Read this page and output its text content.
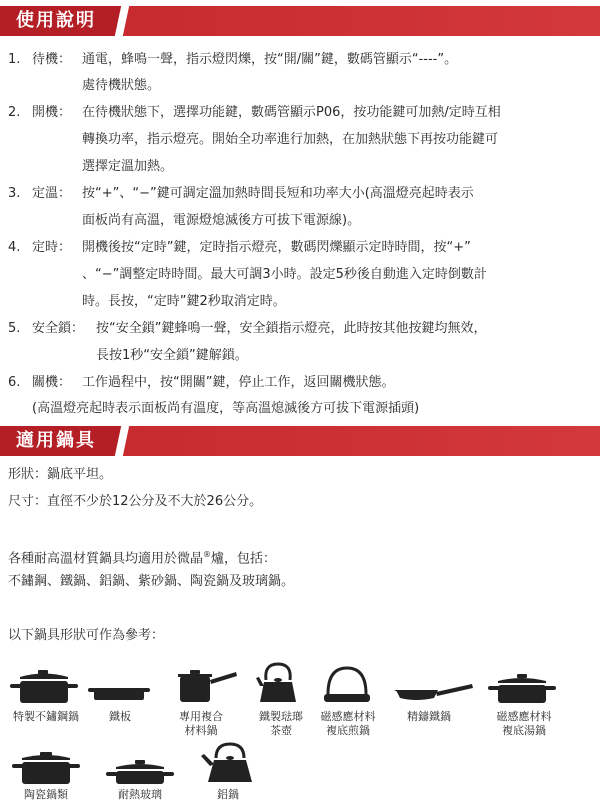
使用說明
1. 待機： 通電，蜂鳴一聲，指示燈閃爍，按“開/關”鍵，數碼管顯示“----”。
處待機狀態。
2. 開機： 在待機狀態下，選擇功能鍵，數碼管顯示P06，按功能鍵可加熱/定時互相
轉換功率，指示燈亮。開始全功率進行加熱，在加熱狀態下再按功能鍵可
選擇定溫加熱。
3. 定溫： 按“+”、“−”鍵可調定溫加熱時間長短和功率大小(高溫燈亮起時表示
面板尚有高溫，電源燈熄滅後方可拔下電源線)。
4. 定時： 開機後按“定時”鍵，定時指示燈亮，數碼閃爍顯示定時時間，按“+”
、“−”調整定時時間。最大可調3小時。設定5秒後自動進入定時倒數計
時。長按，“定時”鍵2秒取消定時。
5. 安全鎖： 按“安全鎖”鍵蜂鳴一聲，安全鎖指示燈亮，此時按其他按鍵均無效，
長按1秒“安全鎖”鍵解鎖。
6. 關機： 工作過程中，按“開關”鍵，停止工作，返回關機狀態。
(高溫燈亮起時表示面板尚有溫度，等高溫熄滅後方可拔下電源插頭)
適用鍋具
形狀：鍋底平坦。
尺寸：直徑不少於12公分及不大於26公分。
各種耐高溫材質鍋具均適用於微晶®爐，包括：
不鏽鋼、鐵鍋、鋁鍋、紫砂鍋、陶瓷鍋及玻璃鍋。
以下鍋具形狀可作為參考：
特製不鏽鋼鍋	鐵板	專用複合
材料鍋
鐵製琺瑯
茶壺
磁感應材料
複底煎鍋
精鑄鐵鍋	磁感應材料
複底湯鍋
陶瓷鍋類	耐熱玻璃	鋁鍋
